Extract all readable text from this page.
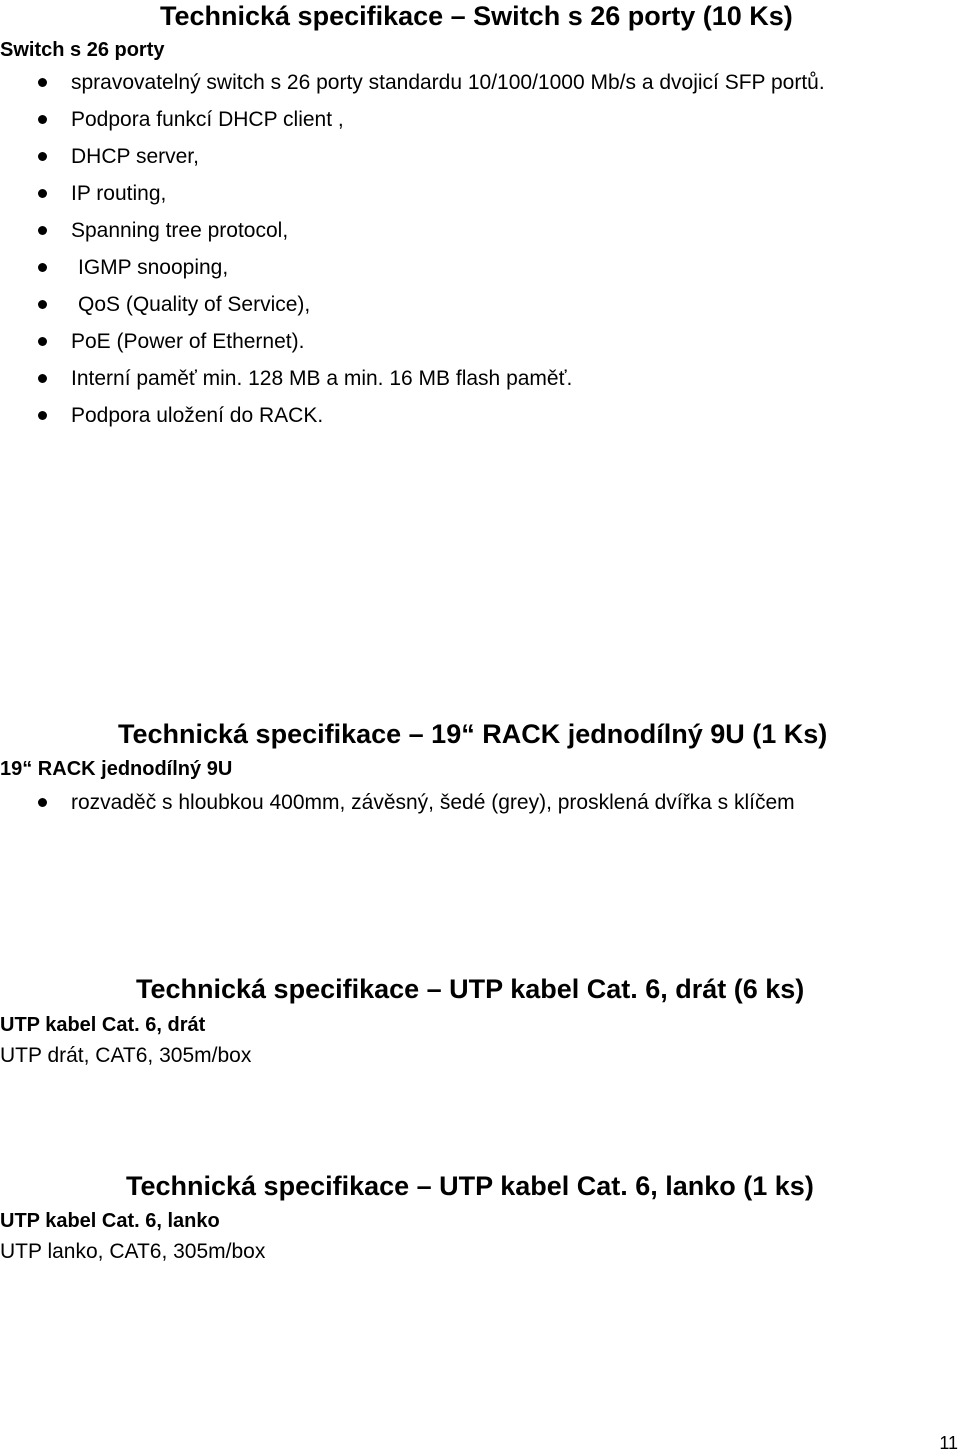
Technická specifikace – Switch s 26 porty (10 Ks)
Switch s 26 porty
spravovatelný switch s 26 porty standardu 10/100/1000 Mb/s a dvojicí SFP portů.
Podpora funkcí DHCP client ,
DHCP server,
IP routing,
Spanning tree protocol,
IGMP snooping,
QoS (Quality of Service),
PoE (Power of Ethernet).
Interní paměť min. 128 MB a min. 16 MB flash paměť.
Podpora uložení do RACK.
Technická specifikace – 19“ RACK jednodílný 9U (1 Ks)
19“ RACK jednodílný 9U
rozvaděč s hloubkou 400mm, závěsný, šedé (grey), prosklená dvířka s klíčem
Technická specifikace – UTP kabel Cat. 6, drát (6 ks)
UTP kabel Cat. 6, drát
UTP drát, CAT6, 305m/box
Technická specifikace – UTP kabel Cat. 6, lanko (1 ks)
UTP kabel Cat. 6, lanko
UTP lanko, CAT6, 305m/box
11
